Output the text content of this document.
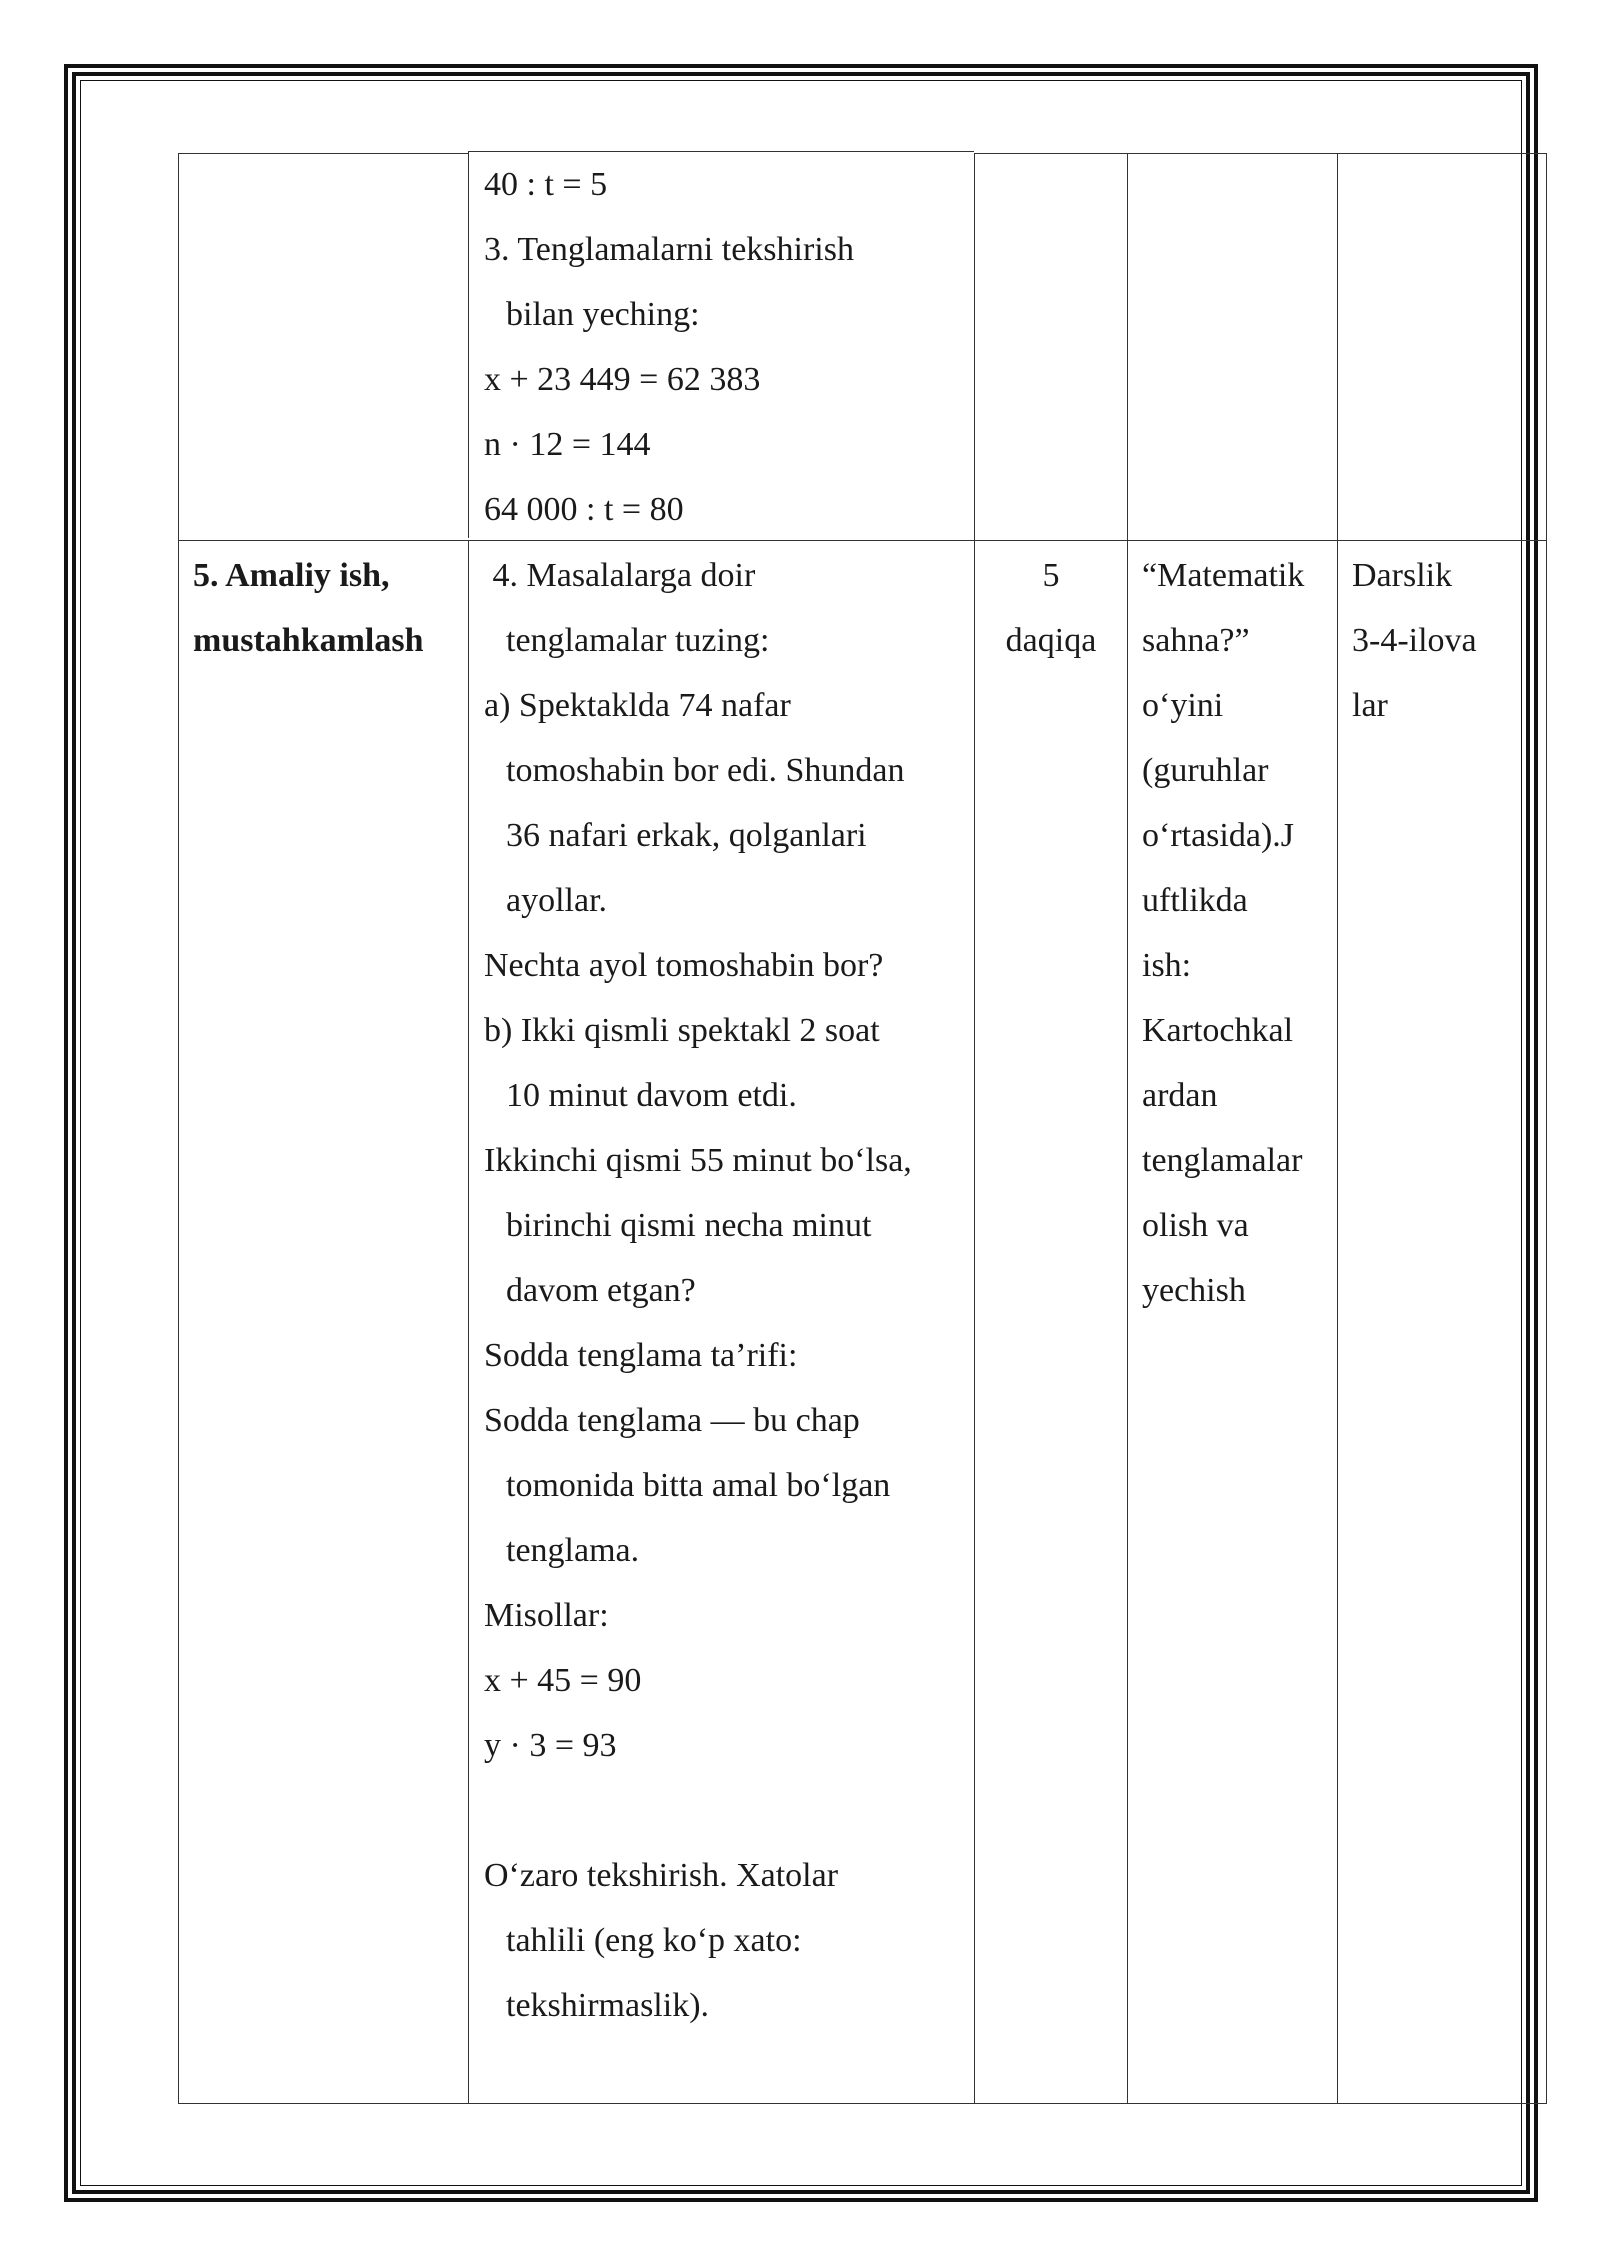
40 : t = 5
3. Tenglamalarni tekshirish
bilan yeching:
x + 23 449 = 62 383
n · 12 = 144
64 000 : t = 80
5. Amaliy ish,
mustahkamlash
4. Masalalarga doir
tenglamalar tuzing:
a) Spektaklda 74 nafar
tomoshabin bor edi. Shundan
36 nafari erkak, qolganlari
ayollar.
Nechta ayol tomoshabin bor?
b) Ikki qismli spektakl 2 soat
10 minut davom etdi.
Ikkinchi qismi 55 minut bo‘lsa,
birinchi qismi necha minut
davom etgan?
Sodda tenglama ta’rifi:
Sodda tenglama — bu chap
tomonida bitta amal bo‘lgan
tenglama.
Misollar:
x + 45 = 90
y · 3 = 93
O‘zaro tekshirish. Xatolar
tahlili (eng ko‘p xato:
tekshirmaslik).
5
daqiqa
“Matematik
sahna?”
o‘yini
(guruhlar
o‘rtasida).J
uftlikda
ish:
Kartochkal
ardan
tenglamalar
olish va
yechish
Darslik
3-4-ilova
lar
